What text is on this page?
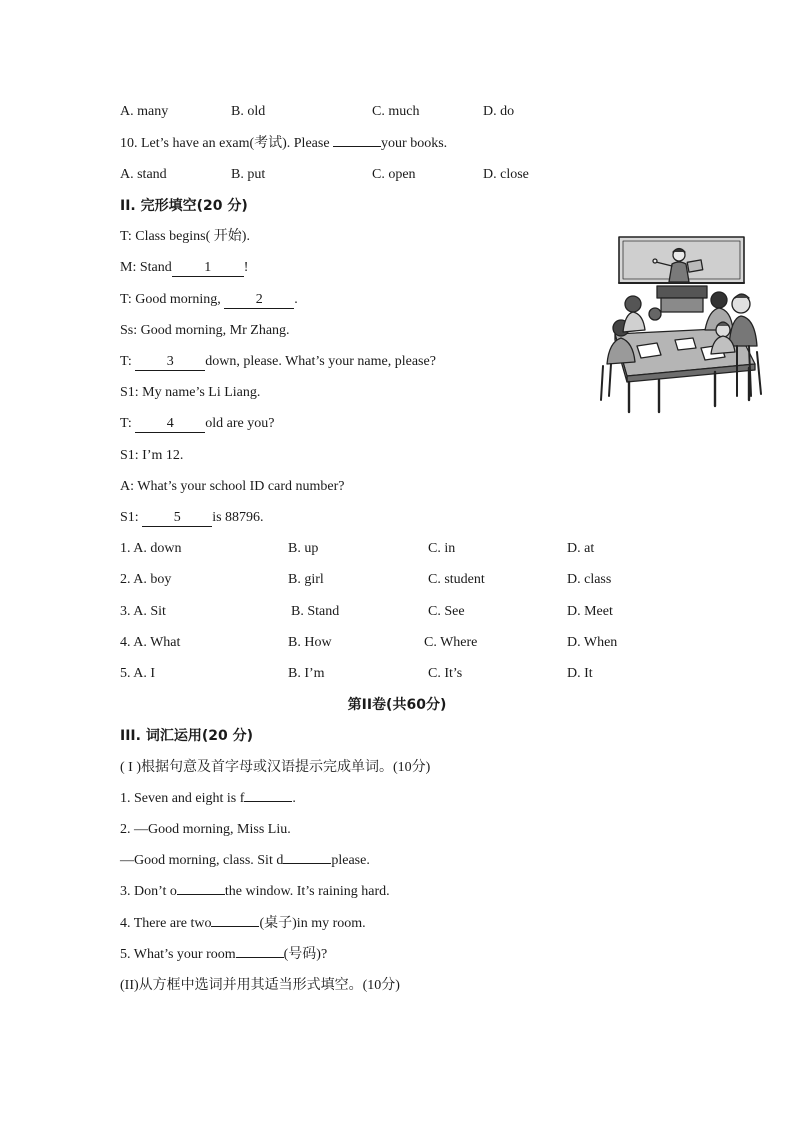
A. many	B. old	C. much	D. do
10. Let’s have an exam(考试). Please	your books.
A. stand	B. put	C. open	D. close
II. 完形填空(20 分)
T: Class begins( 开始).
M: Stand 1 !
T: Good morning, 2 .
Ss: Good morning, Mr Zhang.
T: 3 down, please. What’s your name, please?
S1: My name’s Li Liang.
T: 4 old are you?
S1: I’m 12.
A: What’s your school ID card number?
S1: 5 is 88796.
1. A. down	B. up	C. in	D. at
2. A. boy	B. girl	C. student	D. class
3. A. Sit	B. Stand	C. See	D. Meet
4. A. What	B. How	C. Where	D. When
5. A. I	B. I’m	C. It’s	D. It
第II卷(共60分)
III. 词汇运用(20 分)
( I )根据句意及首字母或汉语提示完成单词。(10分)
1. Seven and eight is f	.
2. —Good morning, Miss Liu.
—Good morning, class. Sit d	please.
3. Don’t o	the window. It’s raining hard.
4. There are two	(桌子)in my room.
5. What’s your room	(号码)?
(II)从方框中选词并用其适当形式填空。(10分)
